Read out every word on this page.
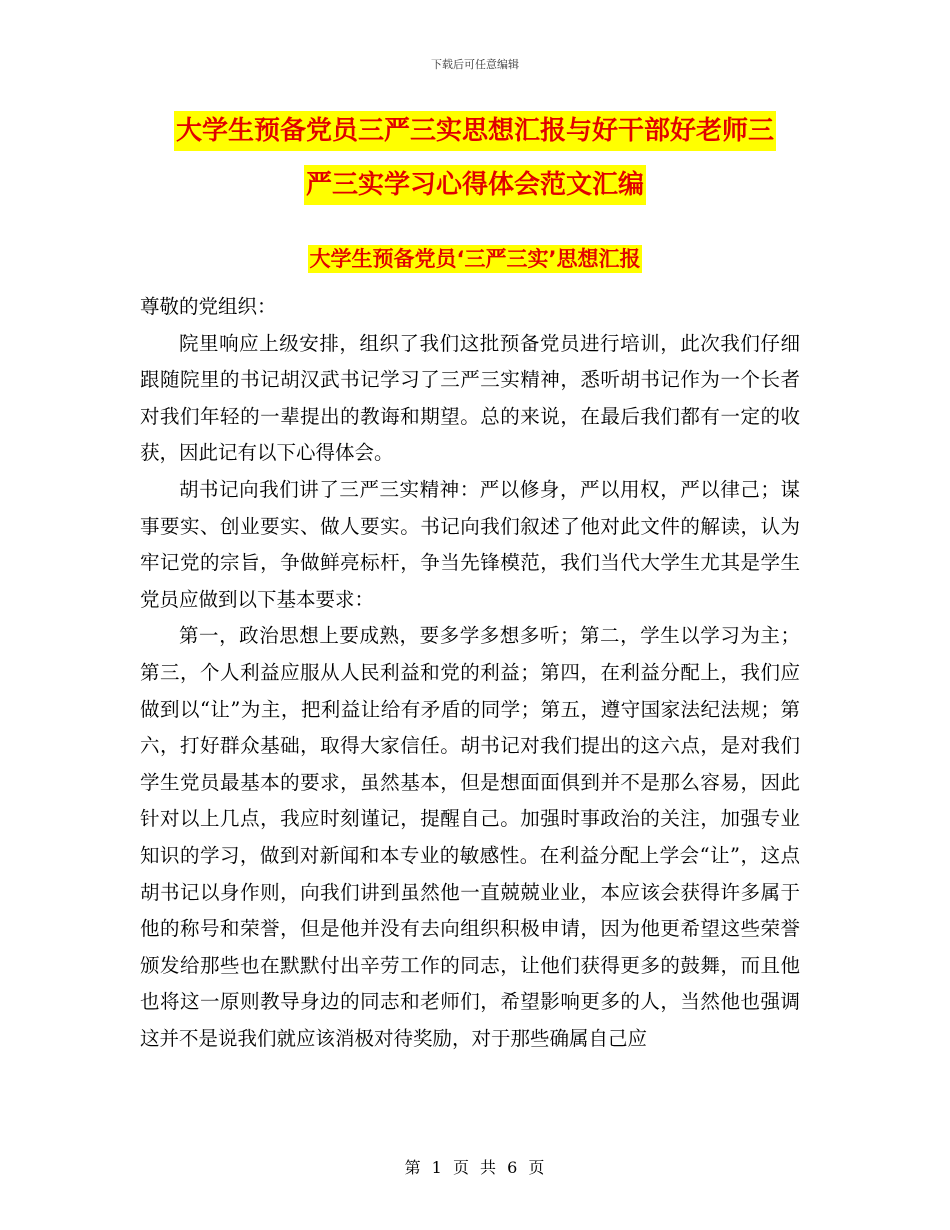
下载后可任意编辑
大学生预备党员三严三实思想汇报与好干部好老师三
严三实学习心得体会范文汇编
大学生预备党员‘三严三实’思想汇报

尊敬的党组织：

院里响应上级安排，组织了我们这批预备党员进行培训，此次我们仔细跟随院里的书记胡汉武书记学习了三严三实精神，悉听胡书记作为一个长者对我们年轻的一辈提出的教诲和期望。总的来说，在最后我们都有一定的收获，因此记有以下心得体会。

胡书记向我们讲了三严三实精神：严以修身，严以用权，严以律己；谋事要实、创业要实、做人要实。书记向我们叙述了他对此文件的解读，认为牢记党的宗旨，争做鲜亮标杆，争当先锋模范，我们当代大学生尤其是学生党员应做到以下基本要求：

第一，政治思想上要成熟，要多学多想多听；第二，学生以学习为主；第三，个人利益应服从人民利益和党的利益；第四，在利益分配上，我们应做到以“让”为主，把利益让给有矛盾的同学；第五，遵守国家法纪法规；第六，打好群众基础，取得大家信任。胡书记对我们提出的这六点，是对我们学生党员最基本的要求，虽然基本，但是想面面俱到并不是那么容易，因此针对以上几点，我应时刻谨记，提醒自己。加强时事政治的关注，加强专业知识的学习，做到对新闻和本专业的敏感性。在利益分配上学会“让”，这点胡书记以身作则，向我们讲到虽然他一直兢兢业业，本应该会获得许多属于他的称号和荣誉，但是他并没有去向组织积极申请，因为他更希望这些荣誉颁发给那些也在默默付出辛劳工作的同志，让他们获得更多的鼓舞，而且他也将这一原则教导身边的同志和老师们，希望影响更多的人，当然他也强调这并不是说我们就应该消极对待奖励，对于那些确属自己应

第 1 页 共 6 页
